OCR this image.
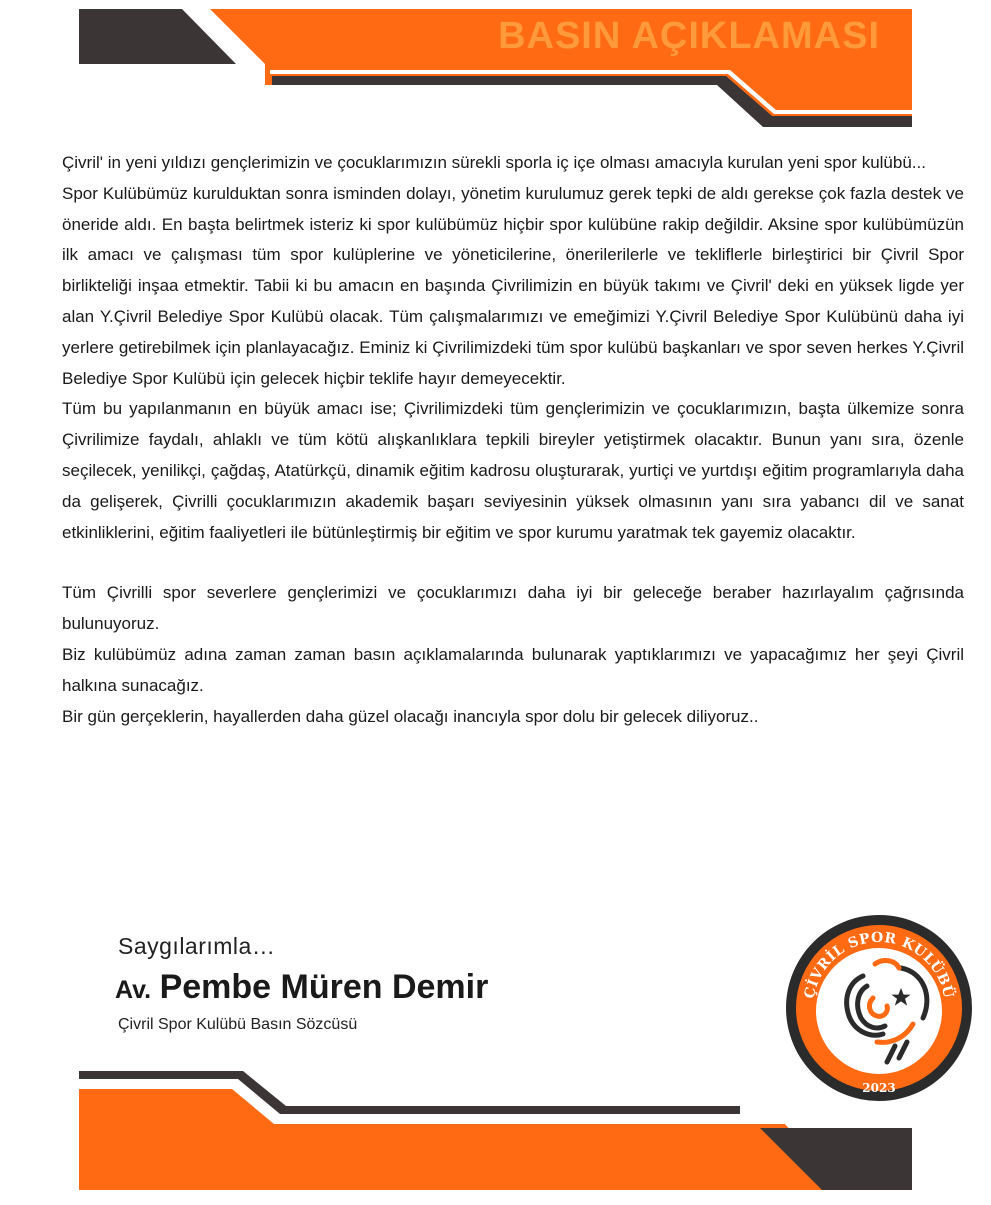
BASIN AÇIKLAMASI

Çivril' in yeni yıldızı gençlerimizin ve çocuklarımızın sürekli sporla iç içe olması amacıyla kurulan yeni spor kulübü...

Spor Kulübümüz kurulduktan sonra isminden dolayı, yönetim kurulumuz gerek tepki de aldı gerekse çok fazla destek ve öneride aldı. En başta belirtmek isteriz ki spor kulübümüz hiçbir spor kulübüne rakip değildir. Aksine spor kulübümüzün ilk amacı ve çalışması tüm spor kulüplerine ve yöneticilerine, önerilerilerle ve tekliflerle birleştirici bir Çivril Spor birlikteliği inşaa etmektir. Tabii ki bu amacın en başında Çivrilimizin en büyük takımı ve Çivril' deki en yüksek ligde yer alan Y.Çivril Belediye Spor Kulübü olacak. Tüm çalışmalarımızı ve emeğimizi Y.Çivril Belediye Spor Kulübünü daha iyi yerlere getirebilmek için planlayacağız. Eminiz ki Çivrilimizdeki tüm spor kulübü başkanları ve spor seven herkes Y.Çivril Belediye Spor Kulübü için gelecek hiçbir teklife hayır demeyecektir.

Tüm bu yapılanmanın en büyük amacı ise; Çivrilimizdeki tüm gençlerimizin ve çocuklarımızın, başta ülkemize sonra Çivrilimize faydalı, ahlaklı ve tüm kötü alışkanlıklara tepkili bireyler yetiştirmek olacaktır. Bunun yanı sıra, özenle seçilecek, yenilikçi, çağdaş, Atatürkçü, dinamik eğitim kadrosu oluşturarak, yurtiçi ve yurtdışı eğitim programlarıyla daha da gelişerek, Çivrilli çocuklarımızın akademik başarı seviyesinin yüksek olmasının yanı sıra yabancı dil ve sanat etkinliklerini, eğitim faaliyetleri ile bütünleştirmiş bir eğitim ve spor kurumu yaratmak tek gayemiz olacaktır.

Tüm Çivrilli spor severlere gençlerimizi ve çocuklarımızı daha iyi bir geleceğe beraber hazırlayalım çağrısında bulunuyoruz.

Biz kulübümüz adına zaman zaman basın açıklamalarında bulunarak yaptıklarımızı ve yapacağımız her şeyi Çivril halkına sunacağız.

Bir gün gerçeklerin, hayallerden daha güzel olacağı inancıyla spor dolu bir gelecek diliyoruz..

Saygılarımla…
Av. Pembe Müren Demir
Çivril Spor Kulübü Basın Sözcüsü
ÇİVRİL SPOR KULÜBÜ
2023
